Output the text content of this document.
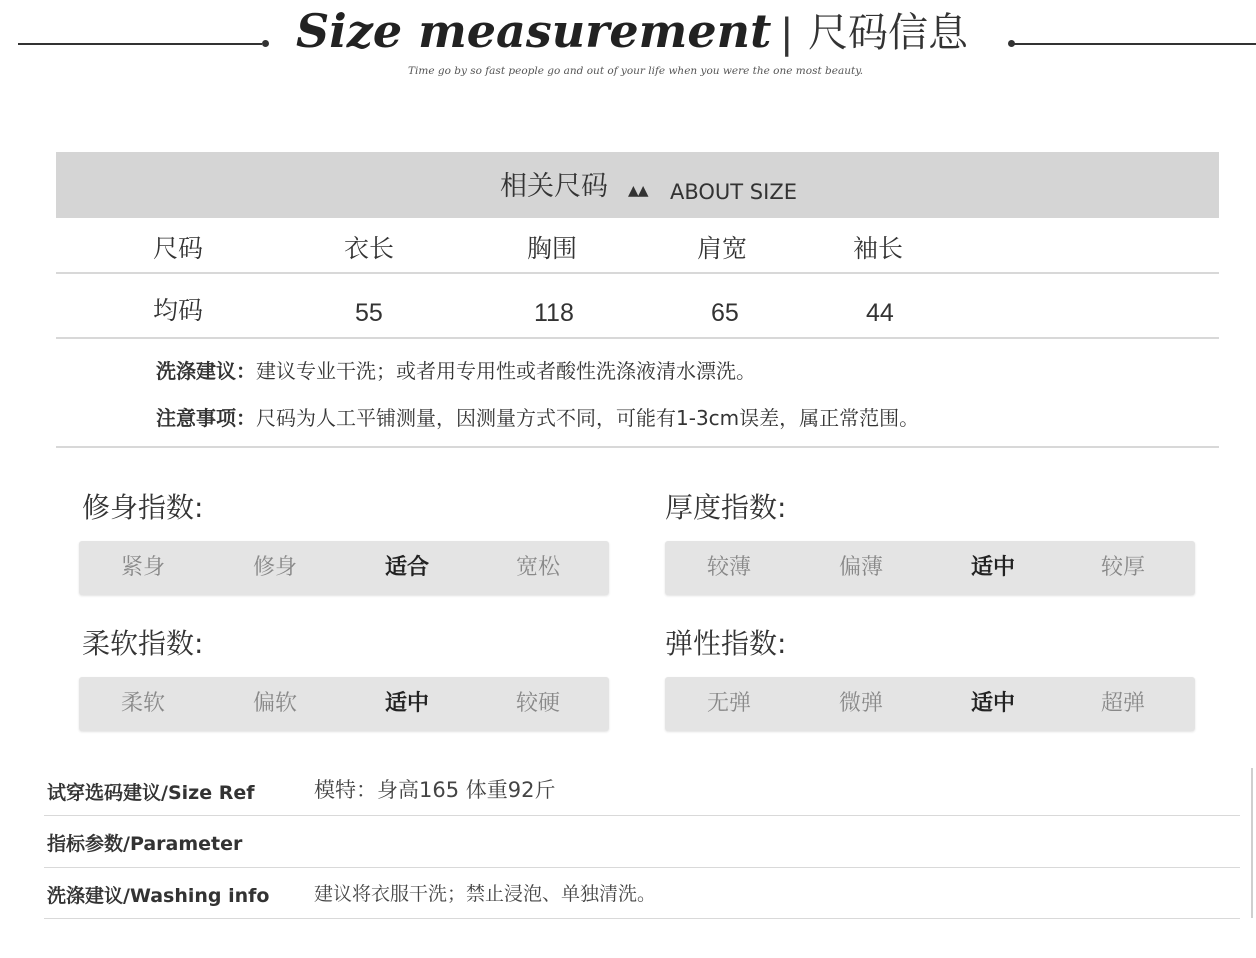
Size measurement | 尺码信息
Time go by so fast people go and out of your life when you were the one most beauty.
相关尺码 ▲▲ ABOUT SIZE
尺码	衣长	胸围	肩宽	袖长
均码	55	118	65	44
洗涤建议：建议专业干洗；或者用专用性或者酸性洗涤液清水漂洗。
注意事项：尺码为人工平铺测量，因测量方式不同，可能有1-3cm误差，属正常范围。
修身指数:
紧身	修身	适合	宽松
厚度指数:
较薄	偏薄	适中	较厚
柔软指数:
柔软	偏软	适中	较硬
弹性指数:
无弹	微弹	适中	超弹
试穿选码建议/Size Ref	模特：身高165 体重92斤
指标参数/Parameter
洗涤建议/Washing info 建议将衣服干洗；禁止浸泡、单独清洗。
